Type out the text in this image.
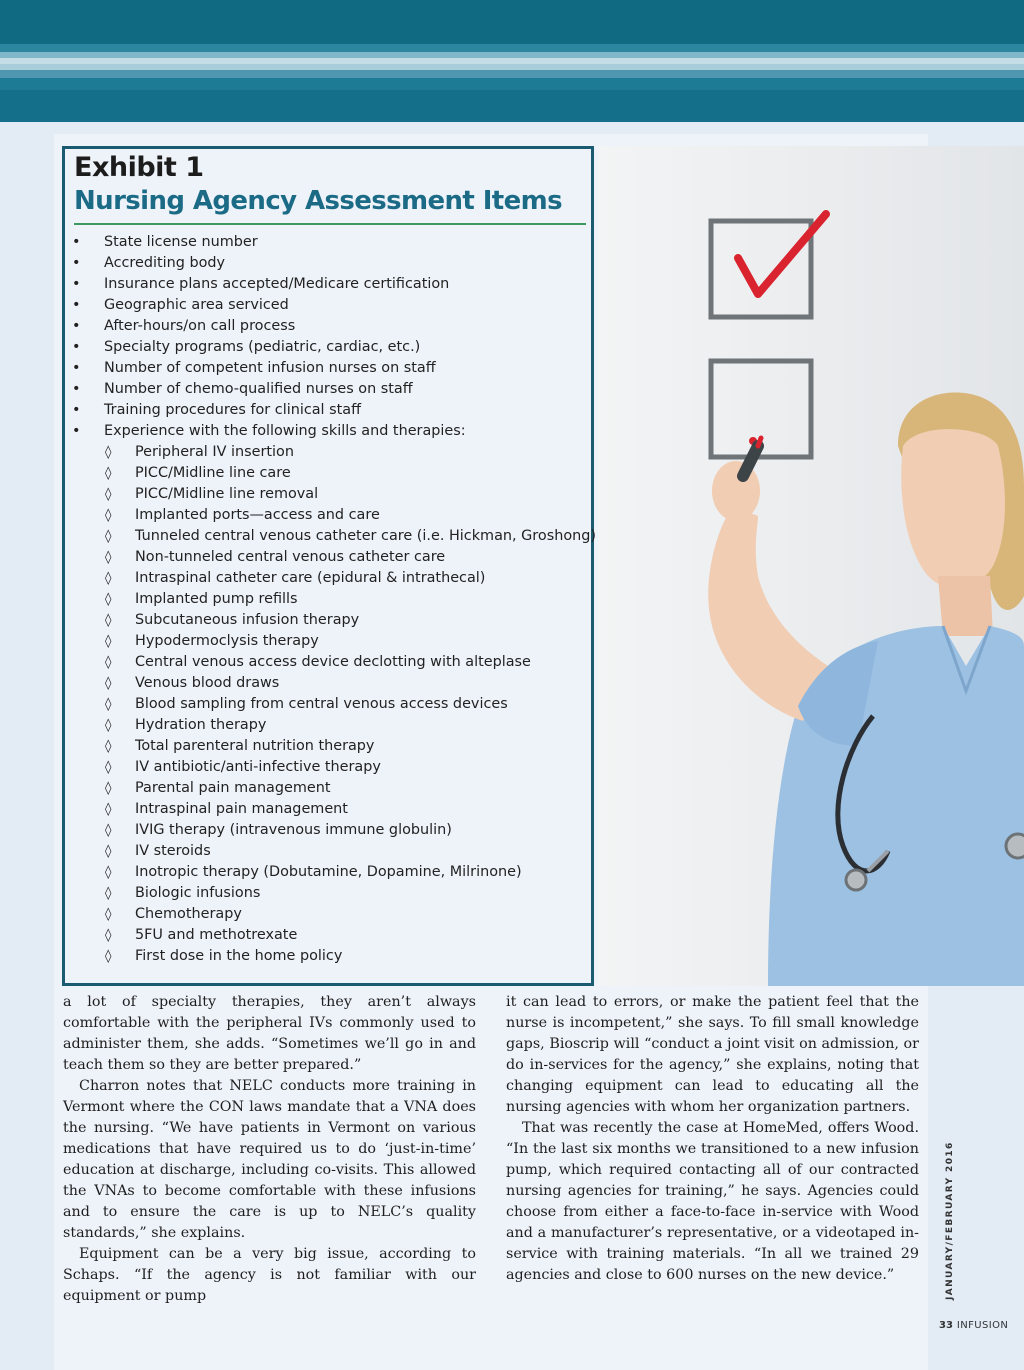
Exhibit 1
Nursing Agency Assessment Items
• State license number
• Accrediting body
• Insurance plans accepted/Medicare certification
• Geographic area serviced
• After-hours/on call process
• Specialty programs (pediatric, cardiac, etc.)
• Number of competent infusion nurses on staff
• Number of chemo-qualified nurses on staff
• Training procedures for clinical staff
• Experience with the following skills and therapies:
◊ Peripheral IV insertion
◊ PICC/Midline line care
◊ PICC/Midline line removal
◊ Implanted ports—access and care
◊ Tunneled central venous catheter care (i.e. Hickman, Groshong)
◊ Non-tunneled central venous catheter care
◊ Intraspinal catheter care (epidural & intrathecal)
◊ Implanted pump refills
◊ Subcutaneous infusion therapy
◊ Hypodermoclysis therapy
◊ Central venous access device declotting with alteplase
◊ Venous blood draws
◊ Blood sampling from central venous access devices
◊ Hydration therapy
◊ Total parenteral nutrition therapy
◊ IV antibiotic/anti-infective therapy
◊ Parental pain management
◊ Intraspinal pain management
◊ IVIG therapy (intravenous immune globulin)
◊ IV steroids
◊ Inotropic therapy (Dobutamine, Dopamine, Milrinone)
◊ Biologic infusions
◊ Chemotherapy
◊ 5FU and methotrexate
◊ First dose in the home policy

a lot of specialty therapies, they aren’t always comfortable with the peripheral IVs commonly used to administer them, she adds. “Sometimes we’ll go in and teach them so they are better prepared.”

Charron notes that NELC conducts more training in Vermont where the CON laws mandate that a VNA does the nursing. “We have patients in Vermont on various medications that have required us to do ‘just-in-time’ education at discharge, including co-visits. This allowed the VNAs to become comfortable with these infusions and to ensure the care is up to NELC’s quality standards,” she explains.

Equipment can be a very big issue, according to Schaps. “If the agency is not familiar with our equipment or pump

it can lead to errors, or make the patient feel that the nurse is incompetent,” she says. To fill small knowledge gaps, Bioscrip will “conduct a joint visit on admission, or do in-services for the agency,” she explains, noting that changing equipment can lead to educating all the nursing agencies with whom her organization partners.

That was recently the case at HomeMed, offers Wood. “In the last six months we transitioned to a new infusion pump, which required contacting all of our contracted nursing agencies for training,” he says. Agencies could choose from either a face-to-face in-service with Wood and a manufacturer’s representative, or a videotaped in-service with training materials. “In all we trained 29 agencies and close to 600 nurses on the new device.”	JANUARY/FEBRUARY 2016
33 INFUSION
